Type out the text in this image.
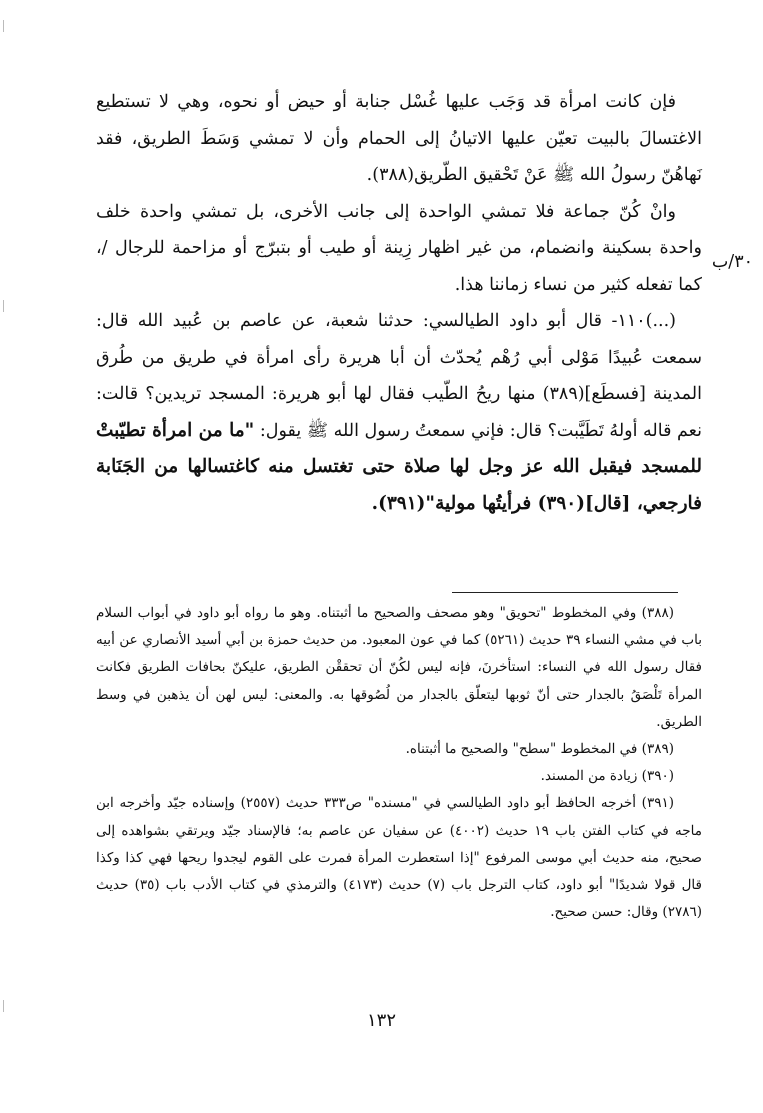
فإن كانت امرأة قد وَجَب عليها غُسْل جنابة أو حيض أو نحوه، وهي لا تستطيع الاغتسالَ بالبيت تعيّن عليها الاتيانُ إلى الحمام وأن لا تمشي وَسَطَ الطريق، فقد نَهاهُنّ رسولُ الله ﷺ عَنْ تَحْقيق الطّريق(٣٨٨).

وانْ كُنّ جماعة فلا تمشي الواحدة إلى جانب الأخرى، بل تمشي واحدة خلف واحدة بسكينة وانضمام، من غير اظهار زِينة أو طيب أو بتبرّج أو مزاحمة للرجال /، كما تفعله كثير من نساء زماننا هذا.

(...)١١٠- قال أبو داود الطيالسي: حدثنا شعبة، عن عاصم بن عُبيد الله قال: سمعت عُبيدًا مَوْلى أبي رُهْم يُحدّث أن أبا هريرة رأى امرأة في طريق من طُرق المدينة [فسطَع](٣٨٩) منها ريحُ الطّيب فقال لها أبو هريرة: المسجد تريدين؟ قالت: نعم قاله أولهُ تَطَيَّبت؟ قال: فإني سمعتُ رسول الله ﷺ يقول: "ما من امرأة تطيّبتْ للمسجد فيقبل الله عز وجل لها صلاة حتى تغتسل منه كاغتسالها من الجَنَابة فارجعي، [قال](٣٩٠) فرأيتُها مولية"(٣٩١).

٣٠/ب

(٣٨٨) وفي المخطوط "تحويق" وهو مصحف والصحيح ما أثبتناه. وهو ما رواه أبو داود في أبواب السلام باب في مشي النساء ٣٩ حديث (٥٢٦١) كما في عون المعبود. من حديث حمزة بن أبي أسيد الأنصاري عن أبيه فقال رسول الله في النساء: استأخرنَ، فإنه ليس لكُنّ أن تحققْن الطريق، عليكنّ بحافات الطريق فكانت المرأة تَلْصَقُ بالجدار حتى أنّ ثوبها ليتعلّق بالجدار من لُصُوقها به. والمعنى: ليس لهن أن يذهبن في وسط الطريق.

(٣٨٩) في المخطوط "سطح" والصحيح ما أثبتناه.

(٣٩٠) زيادة من المسند.

(٣٩١) أخرجه الحافظ أبو داود الطيالسي في "مسنده" ص٣٣٣ حديث (٢٥٥٧) وإسناده جيّد وأخرجه ابن ماجه في كتاب الفتن باب ١٩ حديث (٤٠٠٢) عن سفيان عن عاصم به؛ فالإسناد جيّد ويرتقي بشواهده إلى صحيح، منه حديث أبي موسى المرفوع "إذا استعطرت المرأة فمرت على القوم ليجدوا ريحها فهي كذا وكذا قال قولا شديدًا" أبو داود، كتاب الترجل باب (٧) حديث (٤١٧٣) والترمذي في كتاب الأدب باب (٣٥) حديث (٢٧٨٦) وقال: حسن صحيح.

١٣٢
